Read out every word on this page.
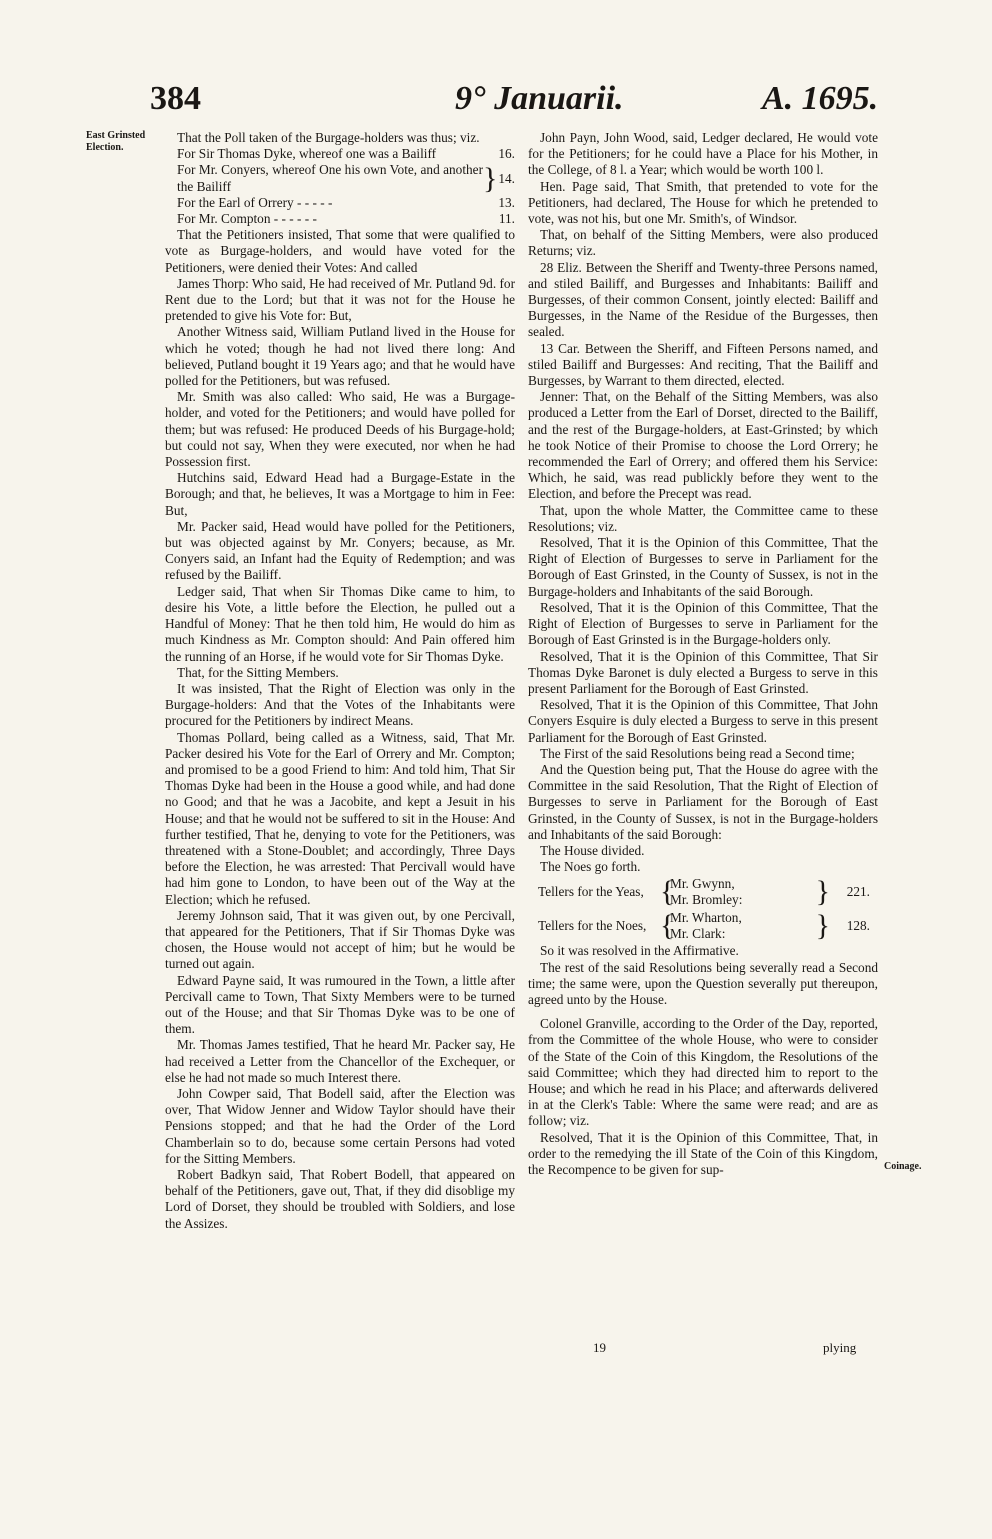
384	9° Januarii.	A. 1695.
East Grinsted Election.
Coinage.

That the Poll taken of the Burgage-holders was thus; viz.

For Sir Thomas Dyke, whereof one was a Bailiff	16.
For Mr. Conyers, whereof One his own Vote, and another the Bailiff	} 14.
For the Earl of Orrery - - - - -	13.
For Mr. Compton - - - - - -	11.

That the Petitioners insisted, That some that were qualified to vote as Burgage-holders, and would have voted for the Petitioners, were denied their Votes: And called

James Thorp: Who said, He had received of Mr. Putland 9d. for Rent due to the Lord; but that it was not for the House he pretended to give his Vote for: But,

Another Witness said, William Putland lived in the House for which he voted; though he had not lived there long: And believed, Putland bought it 19 Years ago; and that he would have polled for the Petitioners, but was refused.

Mr. Smith was also called: Who said, He was a Burgage-holder, and voted for the Petitioners; and would have polled for them; but was refused: He produced Deeds of his Burgage-hold; but could not say, When they were executed, nor when he had Possession first.

Hutchins said, Edward Head had a Burgage-Estate in the Borough; and that, he believes, It was a Mortgage to him in Fee: But,

Mr. Packer said, Head would have polled for the Petitioners, but was objected against by Mr. Conyers; because, as Mr. Conyers said, an Infant had the Equity of Redemption; and was refused by the Bailiff.

Ledger said, That when Sir Thomas Dike came to him, to desire his Vote, a little before the Election, he pulled out a Handful of Money: That he then told him, He would do him as much Kindness as Mr. Compton should: And Pain offered him the running of an Horse, if he would vote for Sir Thomas Dyke.

That, for the Sitting Members.

It was insisted, That the Right of Election was only in the Burgage-holders: And that the Votes of the Inhabitants were procured for the Petitioners by indirect Means.

Thomas Pollard, being called as a Witness, said, That Mr. Packer desired his Vote for the Earl of Orrery and Mr. Compton; and promised to be a good Friend to him: And told him, That Sir Thomas Dyke had been in the House a good while, and had done no Good; and that he was a Jacobite, and kept a Jesuit in his House; and that he would not be suffered to sit in the House: And further testified, That he, denying to vote for the Petitioners, was threatened with a Stone-Doublet; and accordingly, Three Days before the Election, he was arrested: That Percivall would have had him gone to London, to have been out of the Way at the Election; which he refused.

Jeremy Johnson said, That it was given out, by one Percivall, that appeared for the Petitioners, That if Sir Thomas Dyke was chosen, the House would not accept of him; but he would be turned out again.

Edward Payne said, It was rumoured in the Town, a little after Percivall came to Town, That Sixty Members were to be turned out of the House; and that Sir Thomas Dyke was to be one of them.

Mr. Thomas James testified, That he heard Mr. Packer say, He had received a Letter from the Chancellor of the Exchequer, or else he had not made so much Interest there.

John Cowper said, That Bodell said, after the Election was over, That Widow Jenner and Widow Taylor should have their Pensions stopped; and that he had the Order of the Lord Chamberlain so to do, because some certain Persons had voted for the Sitting Members.

Robert Badkyn said, That Robert Bodell, that appeared on behalf of the Petitioners, gave out, That, if they did disoblige my Lord of Dorset, they should be troubled with Soldiers, and lose the Assizes.

John Payn, John Wood, said, Ledger declared, He would vote for the Petitioners; for he could have a Place for his Mother, in the College, of 8 l. a Year; which would be worth 100 l.

Hen. Page said, That Smith, that pretended to vote for the Petitioners, had declared, The House for which he pretended to vote, was not his, but one Mr. Smith's, of Windsor.

That, on behalf of the Sitting Members, were also produced Returns; viz.

28 Eliz. Between the Sheriff and Twenty-three Persons named, and stiled Bailiff, and Burgesses and Inhabitants: Bailiff and Burgesses, of their common Consent, jointly elected: Bailiff and Burgesses, in the Name of the Residue of the Burgesses, then sealed.

13 Car. Between the Sheriff, and Fifteen Persons named, and stiled Bailiff and Burgesses: And reciting, That the Bailiff and Burgesses, by Warrant to them directed, elected.

Jenner: That, on the Behalf of the Sitting Members, was also produced a Letter from the Earl of Dorset, directed to the Bailiff, and the rest of the Burgage-holders, at East-Grinsted; by which he took Notice of their Promise to choose the Lord Orrery; he recommended the Earl of Orrery; and offered them his Service: Which, he said, was read publickly before they went to the Election, and before the Precept was read.

That, upon the whole Matter, the Committee came to these Resolutions; viz.

Resolved, That it is the Opinion of this Committee, That the Right of Election of Burgesses to serve in Parliament for the Borough of East Grinsted, in the County of Sussex, is not in the Burgage-holders and Inhabitants of the said Borough.

Resolved, That it is the Opinion of this Committee, That the Right of Election of Burgesses to serve in Parliament for the Borough of East Grinsted is in the Burgage-holders only.

Resolved, That it is the Opinion of this Committee, That Sir Thomas Dyke Baronet is duly elected a Burgess to serve in this present Parliament for the Borough of East Grinsted.

Resolved, That it is the Opinion of this Committee, That John Conyers Esquire is duly elected a Burgess to serve in this present Parliament for the Borough of East Grinsted.

The First of the said Resolutions being read a Second time;

And the Question being put, That the House do agree with the Committee in the said Resolution, That the Right of Election of Burgesses to serve in Parliament for the Borough of East Grinsted, in the County of Sussex, is not in the Burgage-holders and Inhabitants of the said Borough:

The House divided.

The Noes go forth.

Tellers for the Yeas, {
Mr. Gwynn,
Mr. Bromley:	}	221.
Tellers for the Noes, {
Mr. Wharton,
Mr. Clark:	}	128.

So it was resolved in the Affirmative.

The rest of the said Resolutions being severally read a Second time; the same were, upon the Question severally put thereupon, agreed unto by the House.

Colonel Granville, according to the Order of the Day, reported, from the Committee of the whole House, who were to consider of the State of the Coin of this Kingdom, the Resolutions of the said Committee; which they had directed him to report to the House; and which he read in his Place; and afterwards delivered in at the Clerk's Table: Where the same were read; and are as follow; viz.

Resolved, That it is the Opinion of this Committee, That, in order to the remedying the ill State of the Coin of this Kingdom, the Recompence to be given for sup-

19	plying
